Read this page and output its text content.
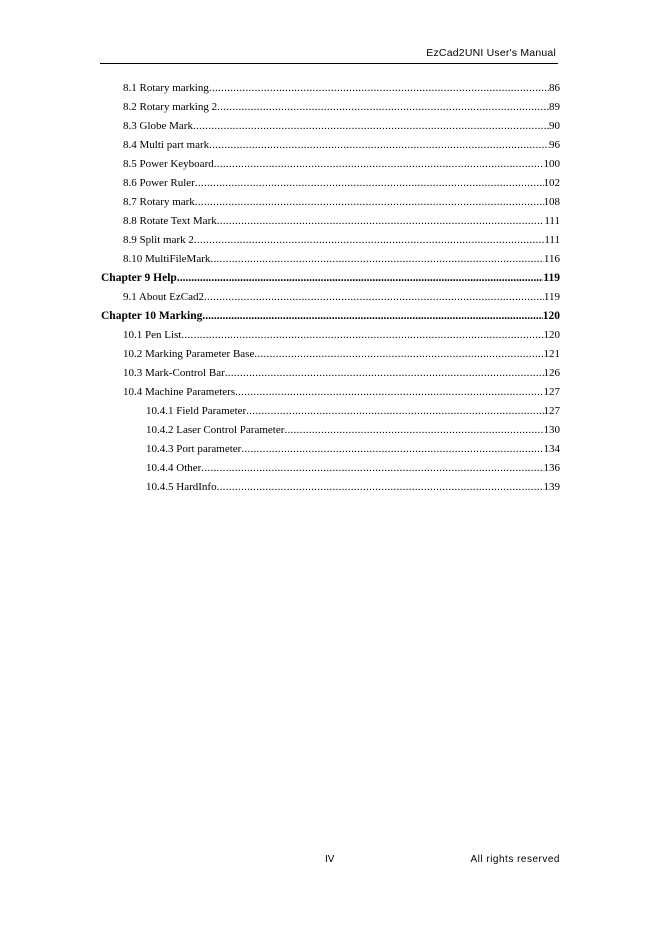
EzCad2UNI User's Manual
8.1 Rotary marking .....	86
8.2 Rotary marking 2 .....	89
8.3 Globe Mark .....	90
8.4 Multi part mark .....	96
8.5 Power Keyboard .....	100
8.6 Power Ruler .....	102
8.7 Rotary mark .....	108
8.8 Rotate Text Mark .....	111
8.9 Split mark 2 .....	111
8.10 MultiFileMark .....	116
Chapter 9 Help .....	119
9.1 About EzCad2 .....	119
Chapter 10 Marking .....	120
10.1 Pen List .....	120
10.2 Marking Parameter Base .....	121
10.3 Mark-Control Bar .....	126
10.4 Machine Parameters .....	127
10.4.1 Field Parameter .....	127
10.4.2 Laser Control Parameter .....	130
10.4.3 Port parameter .....	134
10.4.4 Other .....	136
10.4.5 HardInfo .....	139
IV	All rights reserved
